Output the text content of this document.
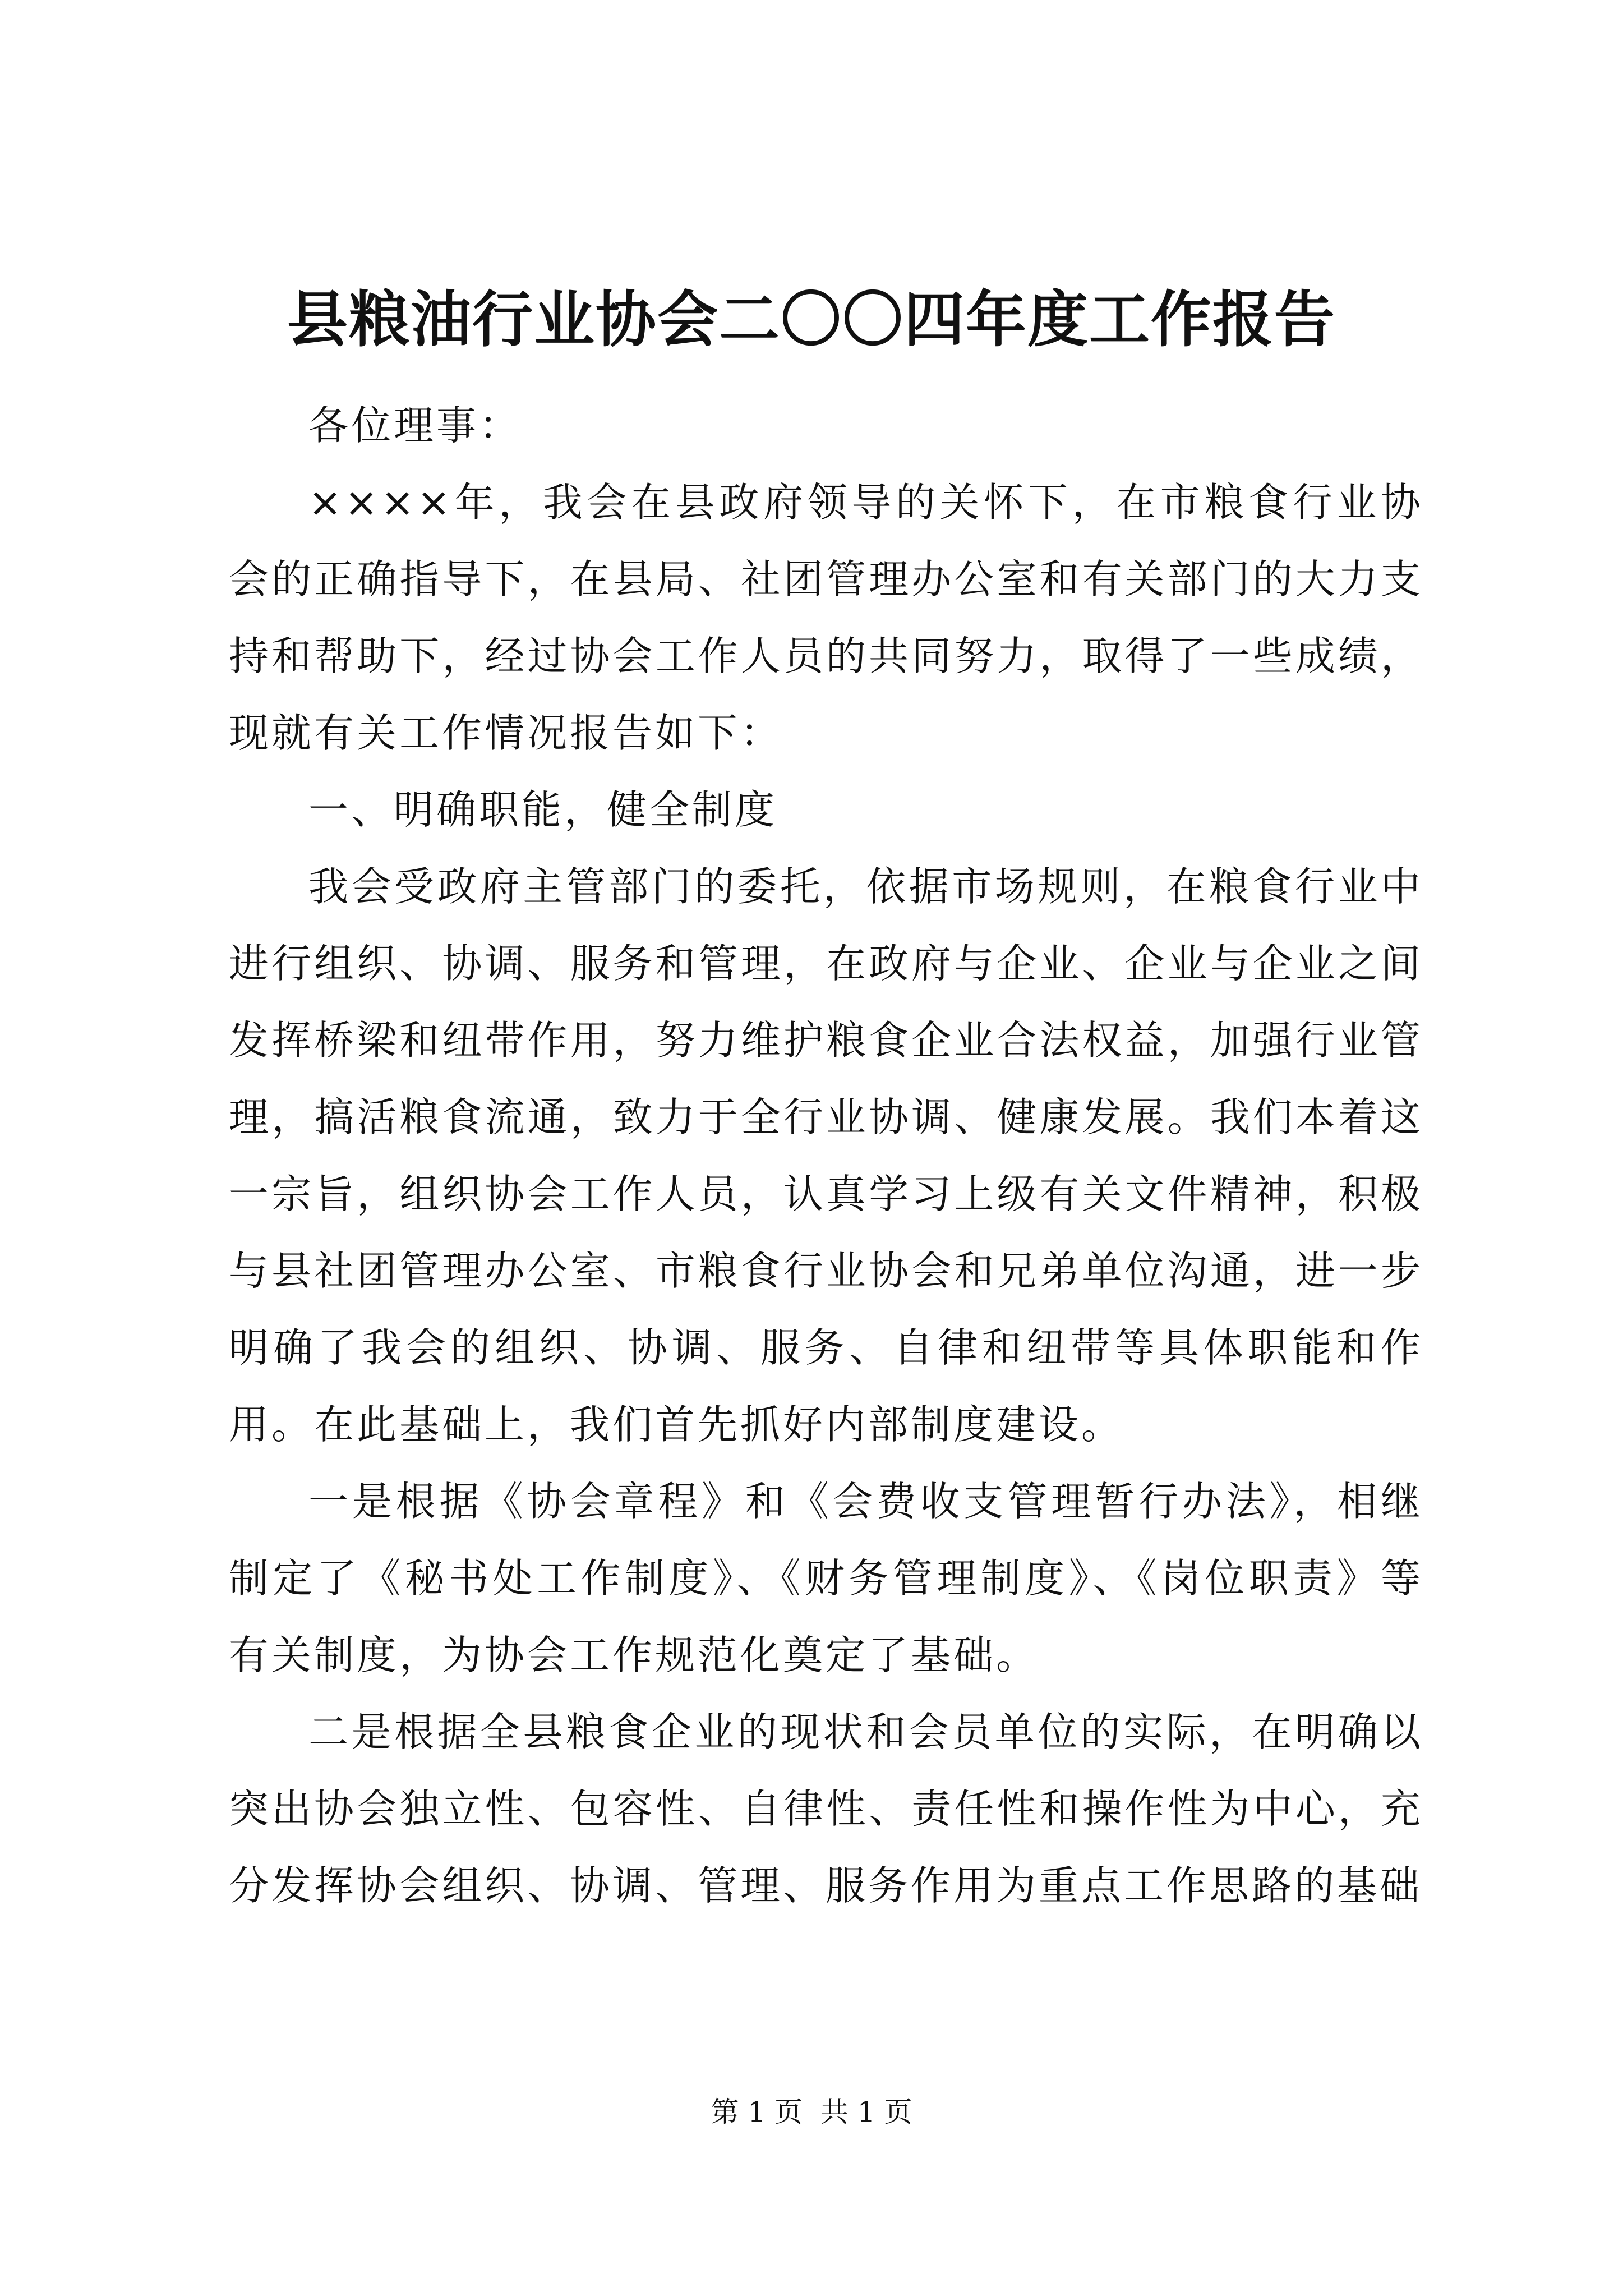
县粮油行业协会二〇〇四年度工作报告

各位理事：

××××年，我会在县政府领导的关怀下，在市粮食行业协会的正确指导下，在县局、社团管理办公室和有关部门的大力支持和帮助下，经过协会工作人员的共同努力，取得了一些成绩，现就有关工作情况报告如下：

一、明确职能，健全制度

我会受政府主管部门的委托，依据市场规则，在粮食行业中进行组织、协调、服务和管理，在政府与企业、企业与企业之间发挥桥梁和纽带作用，努力维护粮食企业合法权益，加强行业管理，搞活粮食流通，致力于全行业协调、健康发展。我们本着这一宗旨，组织协会工作人员，认真学习上级有关文件精神，积极与县社团管理办公室、市粮食行业协会和兄弟单位沟通，进一步明确了我会的组织、协调、服务、自律和纽带等具体职能和作用。在此基础上，我们首先抓好内部制度建设。

一是根据《协会章程》和《会费收支管理暂行办法》，相继制定了《秘书处工作制度》、《财务管理制度》、《岗位职责》等有关制度，为协会工作规范化奠定了基础。

二是根据全县粮食企业的现状和会员单位的实际，在明确以突出协会独立性、包容性、自律性、责任性和操作性为中心，充分发挥协会组织、协调、管理、服务作用为重点工作思路的基础

第 1 页  共 1 页
